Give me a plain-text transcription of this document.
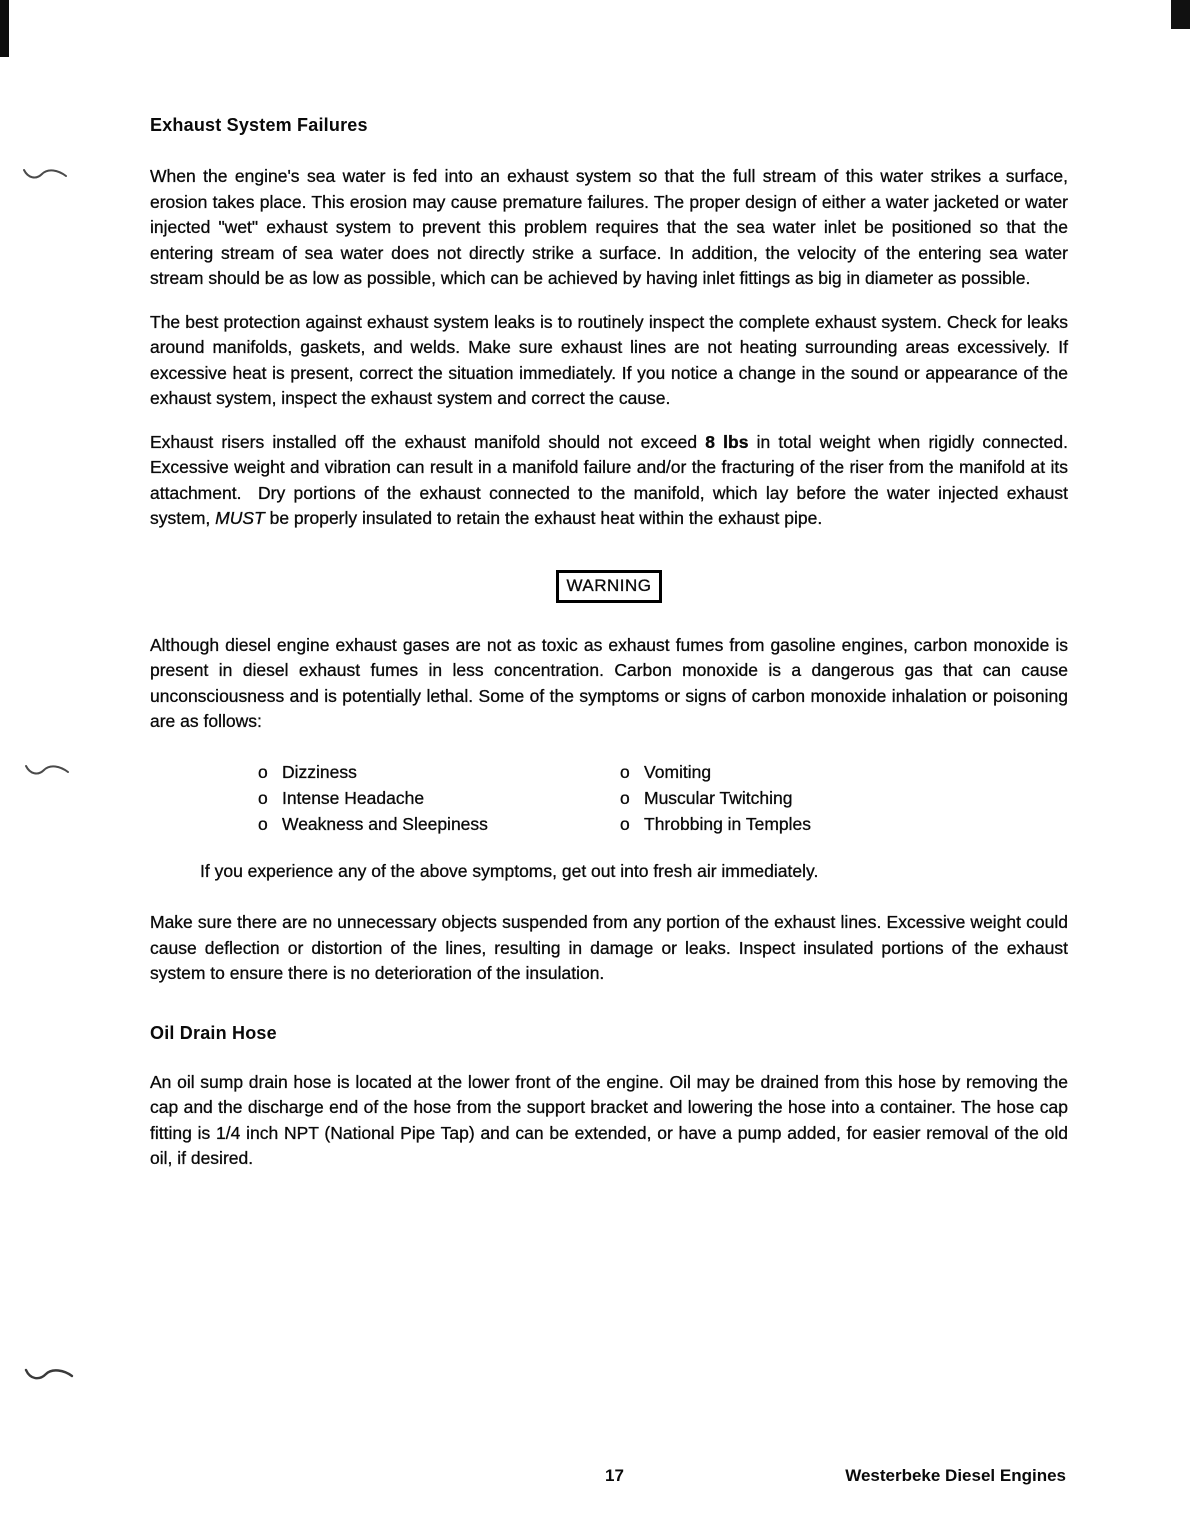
Exhaust System Failures

When the engine's sea water is fed into an exhaust system so that the full stream of this water strikes a surface, erosion takes place. This erosion may cause premature failures. The proper design of either a water jacketed or water injected "wet" exhaust system to prevent this problem requires that the sea water inlet be positioned so that the entering stream of sea water does not directly strike a surface. In addition, the velocity of the entering sea water stream should be as low as possible, which can be achieved by having inlet fittings as big in diameter as possible.

The best protection against exhaust system leaks is to routinely inspect the complete exhaust system. Check for leaks around manifolds, gaskets, and welds. Make sure exhaust lines are not heating surrounding areas excessively. If excessive heat is present, correct the situation immediately. If you notice a change in the sound or appearance of the exhaust system, inspect the exhaust system and correct the cause.

Exhaust risers installed off the exhaust manifold should not exceed 8 lbs in total weight when rigidly connected.  Excessive weight and vibration can result in a manifold failure and/or the fracturing of the riser from the manifold at its attachment.  Dry portions of the exhaust connected to the manifold, which lay before the water injected exhaust system, MUST be properly insulated to retain the exhaust heat within the exhaust pipe.

WARNING

Although diesel engine exhaust gases are not as toxic as exhaust fumes from gasoline engines, carbon monoxide is present in diesel exhaust fumes in less concentration. Carbon monoxide is a dangerous gas that can cause unconsciousness and is potentially lethal. Some of the symptoms or signs of carbon monoxide inhalation or poisoning are as follows:

o Dizziness
o Intense Headache
o Weakness and Sleepiness
o Vomiting
o Muscular Twitching
o Throbbing in Temples
If you experience any of the above symptoms, get out into fresh air immediately.

Make sure there are no unnecessary objects suspended from any portion of the exhaust lines. Excessive weight could cause deflection or distortion of the lines, resulting in damage or leaks. Inspect insulated portions of the exhaust system to ensure there is no deterioration of the insulation.

Oil Drain Hose

An oil sump drain hose is located at the lower front of the engine. Oil may be drained from this hose by removing the cap and the discharge end of the hose from the support bracket and lowering the hose into a container. The hose cap fitting is 1/4 inch NPT (National Pipe Tap) and can be extended, or have a pump added, for easier removal of the old oil, if desired.

17	Westerbeke Diesel Engines
